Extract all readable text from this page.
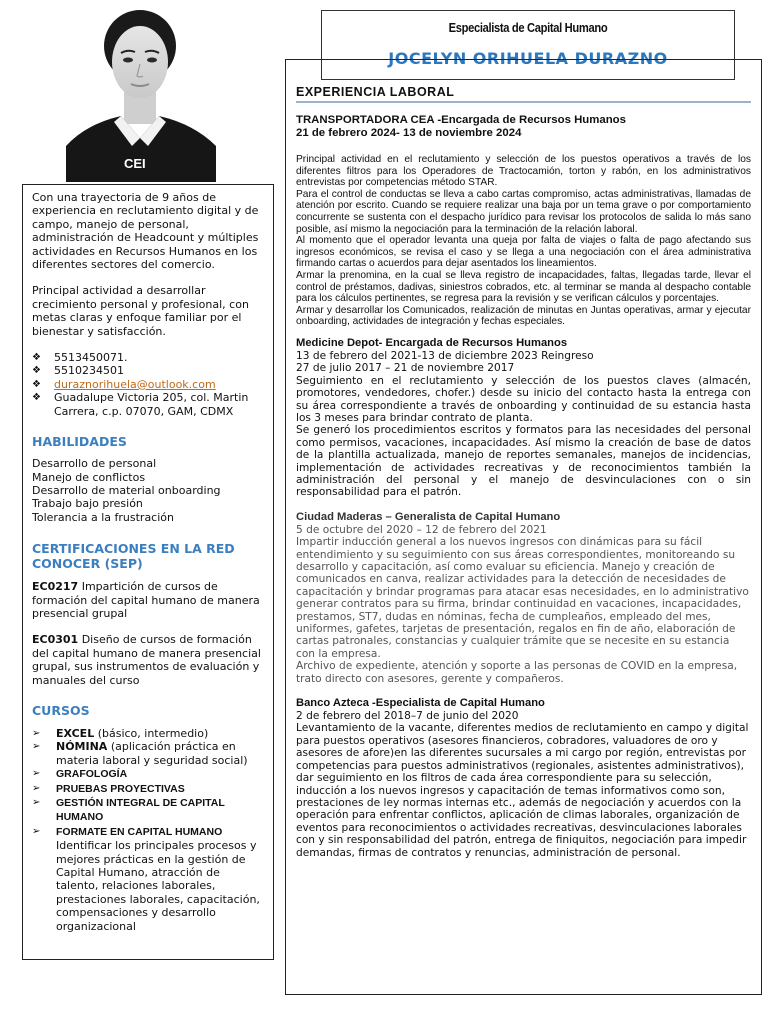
CEI
Especialista de Capital Humano
JOCELYN ORIHUELA DURAZNO

Con una trayectoria de 9 años de experiencia en reclutamiento digital y de campo, manejo de personal, administración de Headcount y múltiples actividades en Recursos Humanos en los diferentes sectores del comercio.

Principal actividad a desarrollar crecimiento personal y profesional, con metas claras y enfoque familiar por el bienestar y satisfacción.

❖ 5513450071.
❖ 5510234501
❖ duraznorihuela@outlook.com
❖ Guadalupe Victoria 205, col. Martin Carrera, c.p. 07070, GAM, CDMX
HABILIDADES
Desarrollo de personal
Manejo de conflictos
Desarrollo de material onboarding
Trabajo bajo presión
Tolerancia a la frustración
CERTIFICACIONES EN LA RED CONOCER (SEP)
EC0217 Impartición de cursos de formación del capital humano de manera presencial grupal
EC0301 Diseño de cursos de formación del capital humano de manera presencial grupal, sus instrumentos de evaluación y manuales del curso
CURSOS
➢ EXCEL (básico, intermedio)
➢ NÓMINA (aplicación práctica en materia laboral y seguridad social)
➢ GRAFOLOGÍA
➢ PRUEBAS PROYECTIVAS
➢ GESTIÓN INTEGRAL DE CAPITAL HUMANO
➢ FORMATE EN CAPITAL HUMANO
Identificar los principales procesos y mejores prácticas en la gestión de Capital Humano, atracción de talento, relaciones laborales, prestaciones laborales, capacitación, compensaciones y desarrollo organizacional
EXPERIENCIA LABORAL
TRANSPORTADORA CEA -Encargada de Recursos Humanos
21 de febrero 2024- 13 de noviembre 2024

Principal actividad en el reclutamiento y selección de los puestos operativos a través de los diferentes filtros para los Operadores de Tractocamión, torton y rabón, en los administrativos entrevistas por competencias método STAR.

Para el control de conductas se lleva a cabo cartas compromiso, actas administrativas, llamadas de atención por escrito. Cuando se requiere realizar una baja por un tema grave o por comportamiento concurrente se sustenta con el despacho jurídico para revisar los protocolos de salida lo más sano posible, así mismo la negociación para la terminación de la relación laboral.

Al momento que el operador levanta una queja por falta de viajes o falta de pago afectando sus ingresos económicos, se revisa el caso y se llega a una negociación con el área administrativa firmando cartas o acuerdos para dejar asentados los lineamientos.

Armar la prenomina, en la cual se lleva registro de incapacidades, faltas, llegadas tarde, llevar el control de préstamos, dadivas, siniestros cobrados, etc. al terminar se manda al despacho contable para los cálculos pertinentes, se regresa para la revisión y se verifican cálculos y porcentajes.

Armar y desarrollar los Comunicados, realización de minutas en Juntas operativas, armar y ejecutar onboarding, actividades de integración y fechas especiales.

Medicine Depot- Encargada de Recursos Humanos
13 de febrero del 2021-13 de diciembre 2023 Reingreso
27 de julio 2017 – 21 de noviembre 2017

Seguimiento en el reclutamiento y selección de los puestos claves (almacén, promotores, vendedores, chofer.) desde su inicio del contacto hasta la entrega con su área correspondiente a través de onboarding y continuidad de su estancia hasta los 3 meses para brindar contrato de planta.

Se generó los procedimientos escritos y formatos para las necesidades del personal como permisos, vacaciones, incapacidades. Así mismo la creación de base de datos de la plantilla actualizada, manejo de reportes semanales, manejos de incidencias, implementación de actividades recreativas y de reconocimientos también la administración del personal y el manejo de desvinculaciones con o sin responsabilidad para el patrón.

Ciudad Maderas – Generalista de Capital Humano
5 de octubre del 2020 – 12 de febrero del 2021

Impartir inducción general a los nuevos ingresos con dinámicas para su fácil entendimiento y su seguimiento con sus áreas correspondientes, monitoreando su desarrollo y capacitación, así como evaluar su eficiencia. Manejo y creación de comunicados en canva, realizar actividades para la detección de necesidades de capacitación y brindar programas para atacar esas necesidades, en lo administrativo generar contratos para su firma, brindar continuidad en vacaciones, incapacidades, prestamos, ST7, dudas en nóminas, fecha de cumpleaños, empleado del mes, uniformes, gafetes, tarjetas de presentación, regalos en fin de año, elaboración de cartas patronales, constancias y cualquier trámite que se necesite en su estancia con la empresa.

Archivo de expediente, atención y soporte a las personas de COVID en la empresa, trato directo con asesores, gerente y compañeros.

Banco Azteca -Especialista de Capital Humano
2 de febrero del 2018–7 de junio del 2020

Levantamiento de la vacante, diferentes medios de reclutamiento en campo y digital para puestos operativos (asesores financieros, cobradores, valuadores de oro y asesores de afore)en las diferentes sucursales a mi cargo por región, entrevistas por competencias para puestos administrativos (regionales, asistentes administrativos), dar seguimiento en los filtros de cada área correspondiente para su selección, inducción a los nuevos ingresos y capacitación de temas informativos como son, prestaciones de ley normas internas etc., además de negociación y acuerdos con la operación para enfrentar conflictos, aplicación de climas laborales, organización de eventos para reconocimientos o actividades recreativas, desvinculaciones laborales con y sin responsabilidad del patrón, entrega de finiquitos, negociación para impedir demandas, firmas de contratos y renuncias, administración de personal.
